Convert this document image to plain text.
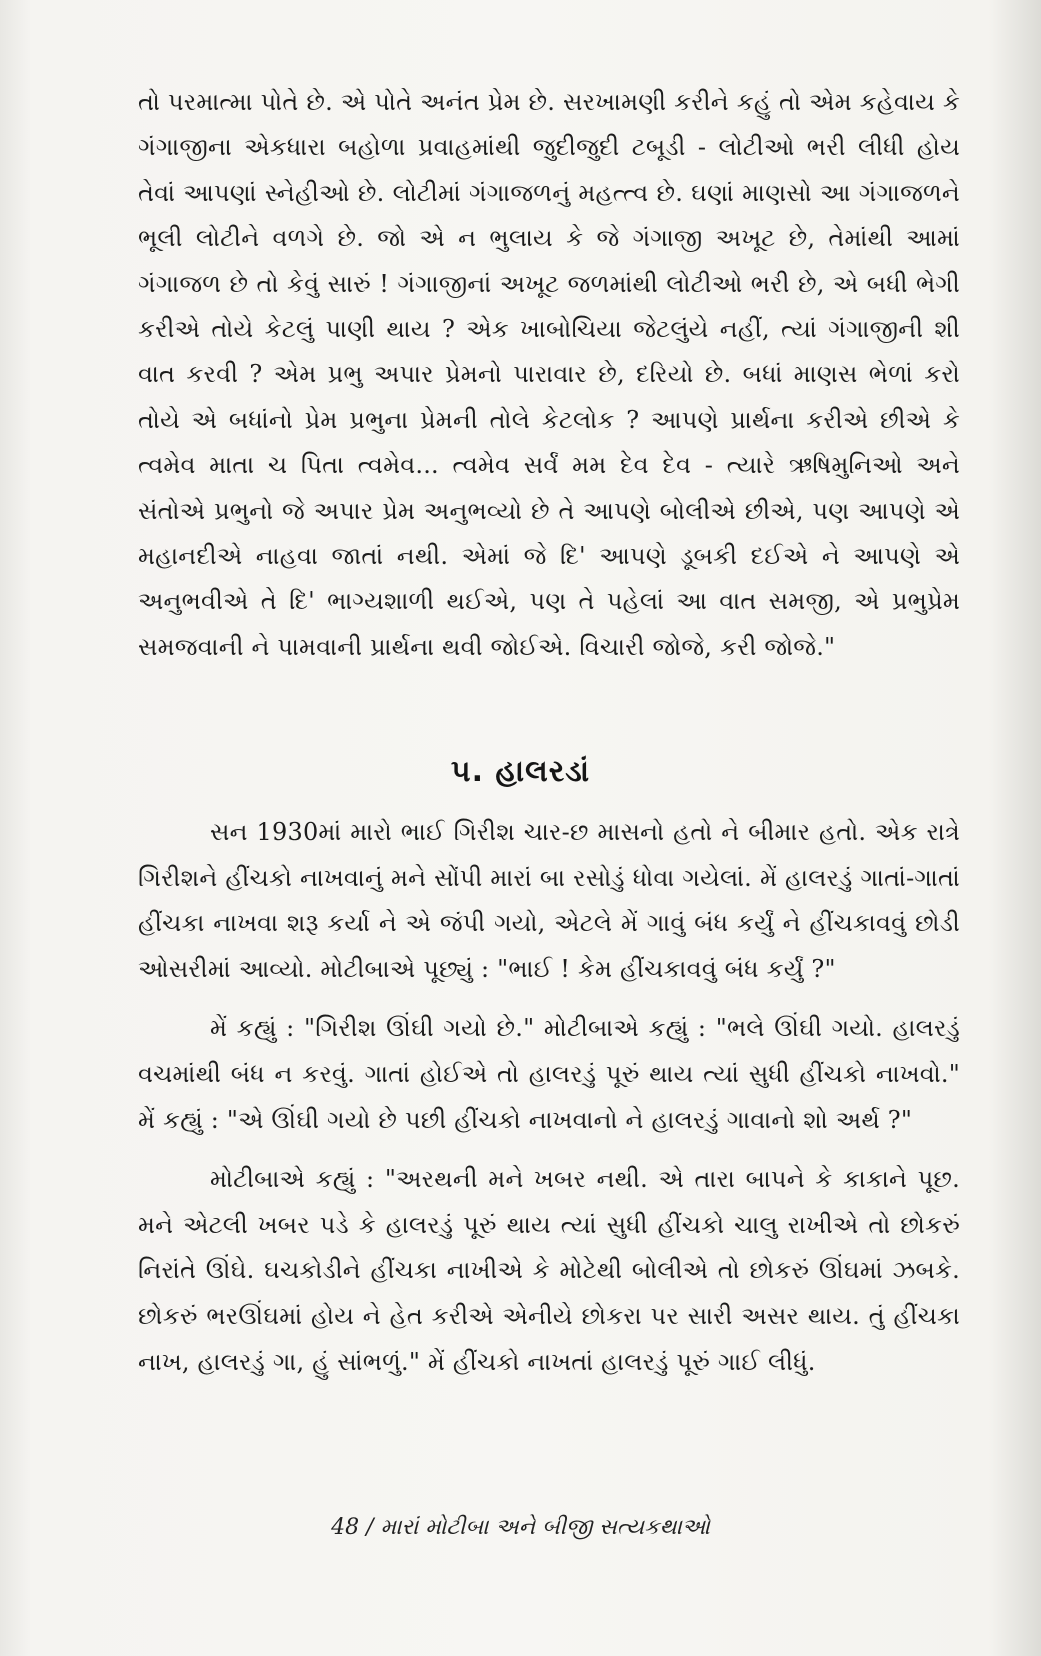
તો પરમાત્મા પોતે છે. એ પોતે અનંત પ્રેમ છે. સરખામણી કરીને કહું તો એમ કહેવાય કે ગંગાજીના એકધારા બહોળા પ્રવાહમાંથી જુદીજુદી ટબૂડી - લોટીઓ ભરી લીધી હોય તેવાં આપણાં સ્નેહીઓ છે. લોટીમાં ગંગાજળનું મહત્ત્વ છે. ઘણાં માણસો આ ગંગાજળને ભૂલી લોટીને વળગે છે. જો એ ન ભુલાય કે જે ગંગાજી અખૂટ છે, તેમાંથી આમાં ગંગાજળ છે તો કેવું સારું ! ગંગાજીનાં અખૂટ જળમાંથી લોટીઓ ભરી છે, એ બધી ભેગી કરીએ તોયે કેટલું પાણી થાય ? એક ખાબોચિયા જેટલુંયે નહીં, ત્યાં ગંગાજીની શી વાત કરવી ? એમ પ્રભુ અપાર પ્રેમનો પારાવાર છે, દરિયો છે. બધાં માણસ ભેળાં કરો તોયે એ બધાંનો પ્રેમ પ્રભુના પ્રેમની તોલે કેટલોક ? આપણે પ્રાર્થના કરીએ છીએ કે ત્વમેવ માતા ચ પિતા ત્વમેવ... ત્વમેવ સર્વં મમ દેવ દેવ - ત્યારે ઋષિમુનિઓ અને સંતોએ પ્રભુનો જે અપાર પ્રેમ અનુભવ્યો છે તે આપણે બોલીએ છીએ, પણ આપણે એ મહાનદીએ નાહવા જાતાં નથી. એમાં જે દિ' આપણે ડૂબકી દઈએ ને આપણે એ અનુભવીએ તે દિ' ભાગ્યશાળી થઈએ, પણ તે પહેલાં આ વાત સમજી, એ પ્રભુપ્રેમ સમજવાની ને પામવાની પ્રાર્થના થવી જોઈએ. વિચારી જોજે, કરી જોજે."

૫. હાલરડાં

સન 1930માં મારો ભાઈ ગિરીશ ચાર-છ માસનો હતો ને બીમાર હતો. એક રાત્રે ગિરીશને હીંચકો નાખવાનું મને સોંપી મારાં બા રસોડું ધોવા ગયેલાં. મેં હાલરડું ગાતાં-ગાતાં હીંચકા નાખવા શરૂ કર્યા ને એ જંપી ગયો, એટલે મેં ગાવું બંધ કર્યું ને હીંચકાવવું છોડી ઓસરીમાં આવ્યો. મોટીબાએ પૂછ્યું : "ભાઈ ! કેમ હીંચકાવવું બંધ કર્યું ?"

મેં કહ્યું : "ગિરીશ ઊંઘી ગયો છે." મોટીબાએ કહ્યું : "ભલે ઊંઘી ગયો. હાલરડું વચમાંથી બંધ ન કરવું. ગાતાં હોઈએ તો હાલરડું પૂરું થાય ત્યાં સુધી હીંચકો નાખવો." મેં કહ્યું : "એ ઊંઘી ગયો છે પછી હીંચકો નાખવાનો ને હાલરડું ગાવાનો શો અર્થ ?"

મોટીબાએ કહ્યું : "અરથની મને ખબર નથી. એ તારા બાપને કે કાકાને પૂછ. મને એટલી ખબર પડે કે હાલરડું પૂરું થાય ત્યાં સુધી હીંચકો ચાલુ રાખીએ તો છોકરું નિરાંતે ઊંઘે. ઘચકોડીને હીંચકા નાખીએ કે મોટેથી બોલીએ તો છોકરું ઊંઘમાં ઝબકે. છોકરું ભરઊંઘમાં હોય ને હેત કરીએ એનીયે છોકરા પર સારી અસર થાય. તું હીંચકા નાખ, હાલરડું ગા, હું સાંભળું." મેં હીંચકો નાખતાં હાલરડું પૂરું ગાઈ લીધું.

48 / મારાં મોટીબા અને બીજી સત્યકથાઓ
